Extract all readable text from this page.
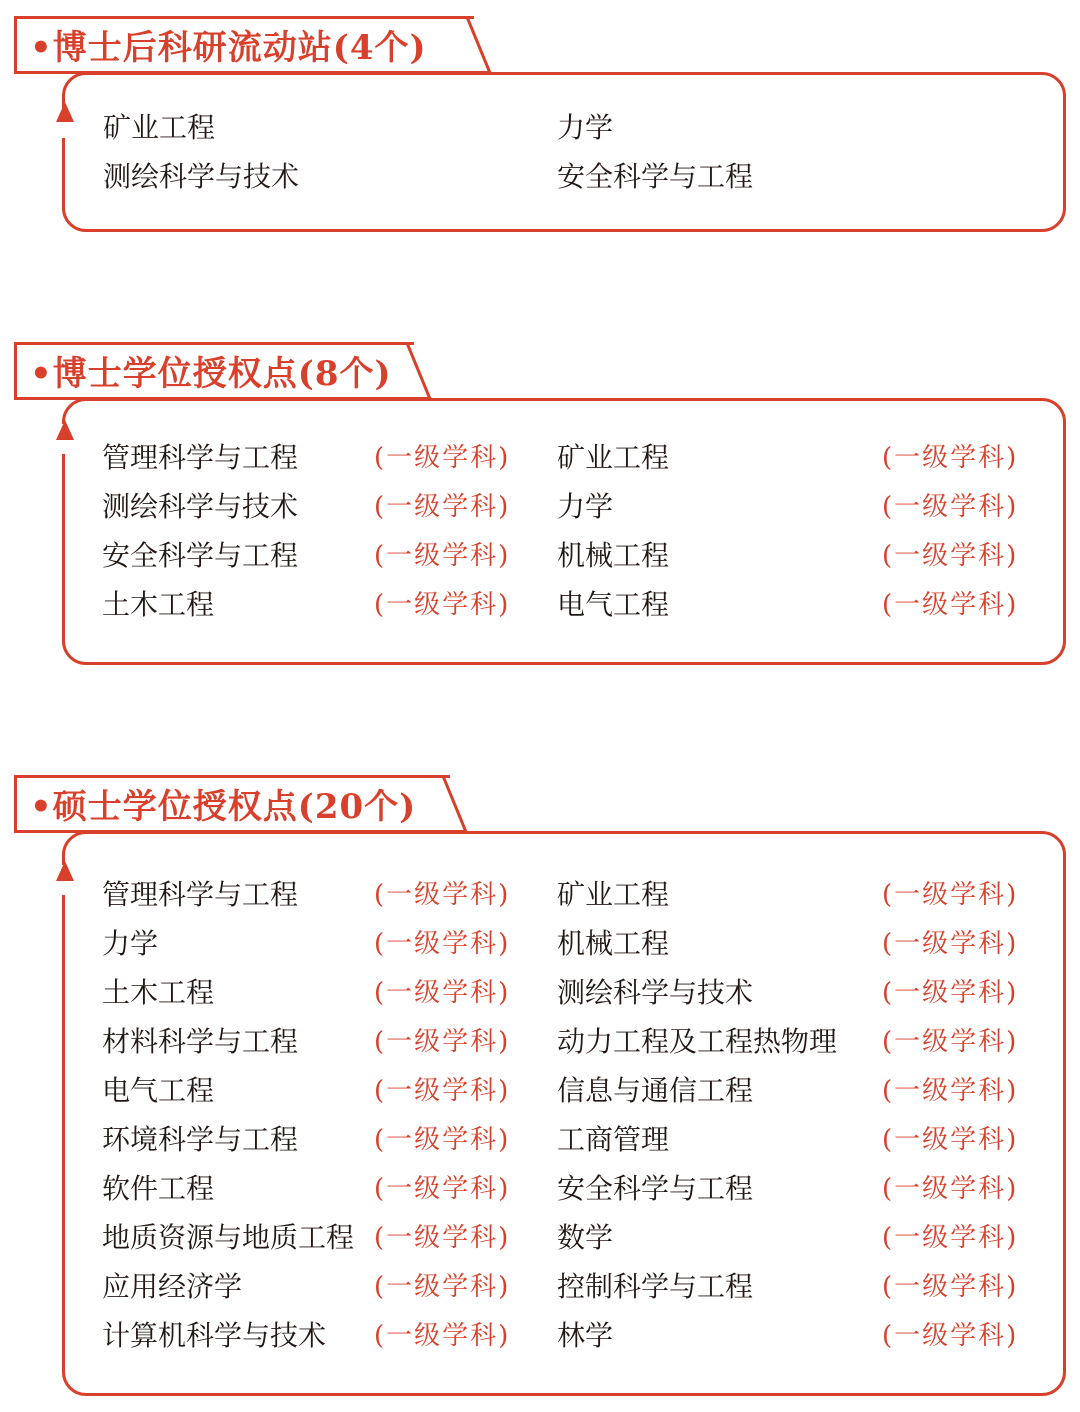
•博士后科研流动站(4个)
矿业工程	力学
测绘科学与技术	安全科学与工程
•博士学位授权点(8个)
管理科学与工程	(一级学科) 矿业工程	(一级学科)
测绘科学与技术	(一级学科) 力学	(一级学科)
安全科学与工程	(一级学科) 机械工程	(一级学科)
土木工程	(一级学科) 电气工程	(一级学科)
•硕士学位授权点(20个)
管理科学与工程	(一级学科) 矿业工程	(一级学科)
力学	(一级学科) 机械工程	(一级学科)
土木工程	(一级学科) 测绘科学与技术	(一级学科)
材料科学与工程	(一级学科) 动力工程及工程热物理 (一级学科)
电气工程	(一级学科) 信息与通信工程	(一级学科)
环境科学与工程	(一级学科) 工商管理	(一级学科)
软件工程	(一级学科) 安全科学与工程	(一级学科)
地质资源与地质工程 (一级学科) 数学	(一级学科)
应用经济学	(一级学科) 控制科学与工程	(一级学科)
计算机科学与技术 (一级学科) 林学	(一级学科)
